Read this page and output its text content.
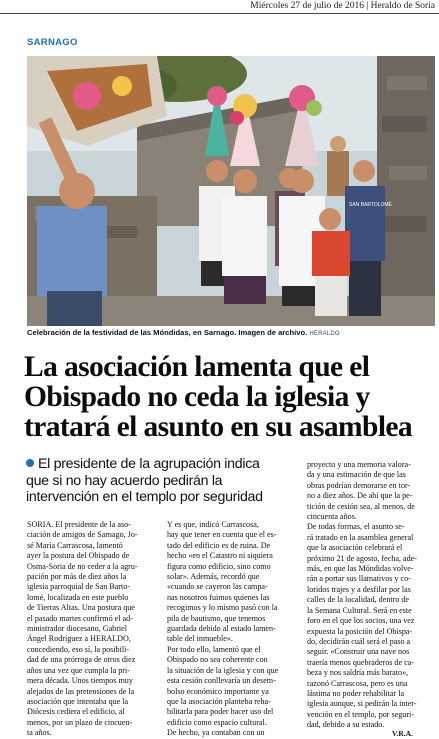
Miércoles 27 de julio de 2016 | Heraldo de Soria
SARNAGO
SAN BARTOLOMÉ
Celebración de la festividad de las Móndidas, en Sarnago. Imagen de archivo. HERALDO
La asociación lamenta que el
Obispado no ceda la iglesia y
tratará el asunto en su asamblea
El presidente de la agrupación indica
que si no hay acuerdo pedirán la
intervención en el templo por seguridad
SORIA. El presidente de la aso-
ciación de amigos de Sarnago, Jo-
sé María Carrascosa, lamentó
ayer la postura del Obispado de
Osma-Soria de no ceder a la agru-
pación por más de diez años la
iglesia parroquial de San Barto-
lomé, localizada en este pueblo
de Tierras Altas. Una postura que
el pasado martes confirmó el ad-
ministrador diocesano, Gabriel
Ángel Rodríguez a HERALDO,
concediendo, eso sí, la posibili-
dad de una prórroga de otros diez
años una vez que cumpla la pri-
mera década. Unos tiempos muy
alejados de las pretensiones de la
asociación que intentaba que la
Diócesis cediera el edificio, al
menos, por un plazo de cincuen-
ta años.
Y es que, indicó Carrascosa,
hay que tener en cuenta que el es-
tado del edificio es de ruina. De
hecho «en el Catastro ni siquiera
figura como edificio, sino como
solar». Además, recordó que
«cuando se cayeron las campa-
nas nosotros fuimos quienes las
recogimos y lo mismo pasó con la
pila de bautismo, que tenemos
guardada debido al estado lamen-
table del inmueble».
Por todo ello, lamentó que el
Obispado no sea coherente con
la situación de la iglesia y con que
esta cesión conllevaría un desem-
bolso económico importante ya
que la asociación planteba reha-
bilitarla para poder hacer uso del
edificio como espacio cultural.
De hecho, ya contaban con un
proyecto y una memoria valora-
da y una estimación de que las
obras podrían demorarse en tor-
no a diez años. De ahí que la pe-
tición de cesión sea, al menos, de
cincuenta años.
De todas formas, el asunto se-
rá tratado en la asamblea general
que la asociación celebrará el
próximo 21 de agosto, fecha, ade-
más, en que las Móndidas volve-
rán a portar sus llamativos y co-
loridos trajes y a desfilar por las
calles de la localidad, dentro de
la Semana Cultural. Será en este
foro en el que los socios, una vez
expuesta la posición del Obispa-
do, decidirán cuál será el paso a
seguir. «Construir una nave nos
traería menos quebraderos de ca-
beza y nos saldría más barato»,
razonó Carrascosa, pero es una
lástima no poder rehabilitar la
iglesia aunque, si pedirán la inter-
vención en el templo, por seguri-
dad, debido a su estado.
V.R.A.
